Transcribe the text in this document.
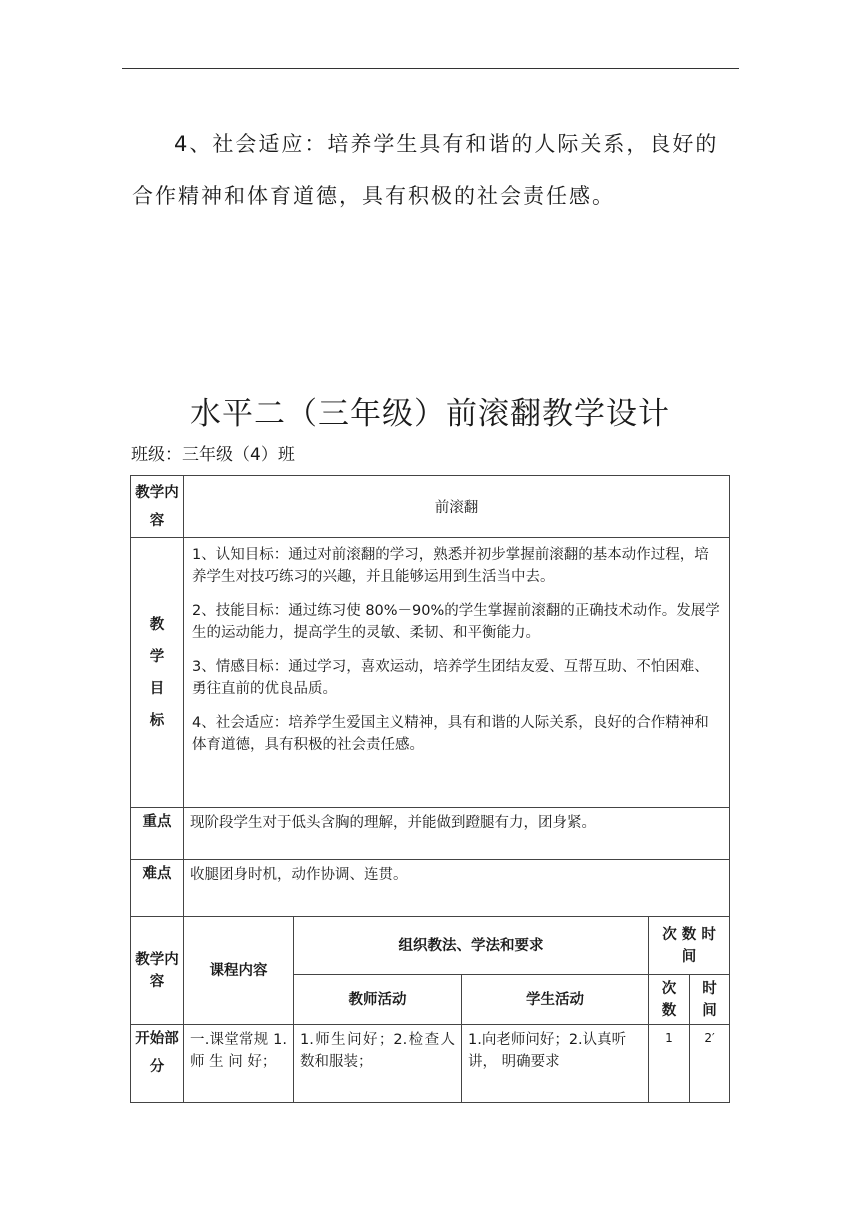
4、社会适应：培养学生具有和谐的人际关系，良好的
合作精神和体育道德，具有积极的社会责任感。
水平二（三年级）前滚翻教学设计
班级：三年级（4）班
教学内容	前滚翻				
教学目标	1、认知目标：通过对前滚翻的学习，熟悉并初步掌握前滚翻的基本动作过程，培养学生对技巧练习的兴趣，并且能够运用到生活当中去。

2、技能目标：通过练习使 80%－90%的学生掌握前滚翻的正确技术动作。发展学生的运动能力，提高学生的灵敏、柔韧、和平衡能力。

3、情感目标：通过学习，喜欢运动，培养学生团结友爱、互帮互助、不怕困难、勇往直前的优良品质。

4、社会适应：培养学生爱国主义精神，具有和谐的人际关系，良好的合作精神和体育道德，具有积极的社会责任感。				

重点	现阶段学生对于低头含胸的理解，并能做到蹬腿有力，团身紧。				
难点	收腿团身时机，动作协调、连贯。				
教学内容	课程内容	组织教法、学法和要求		次 数 时 间	
		教师活动	学生活动	次数	时间
开始部分	一.课堂常规 1.师 生 问 好；	1.师生问好；2.检查人数和服装；	1.向老师问好；2.认真听讲， 明确要求	1	2′
